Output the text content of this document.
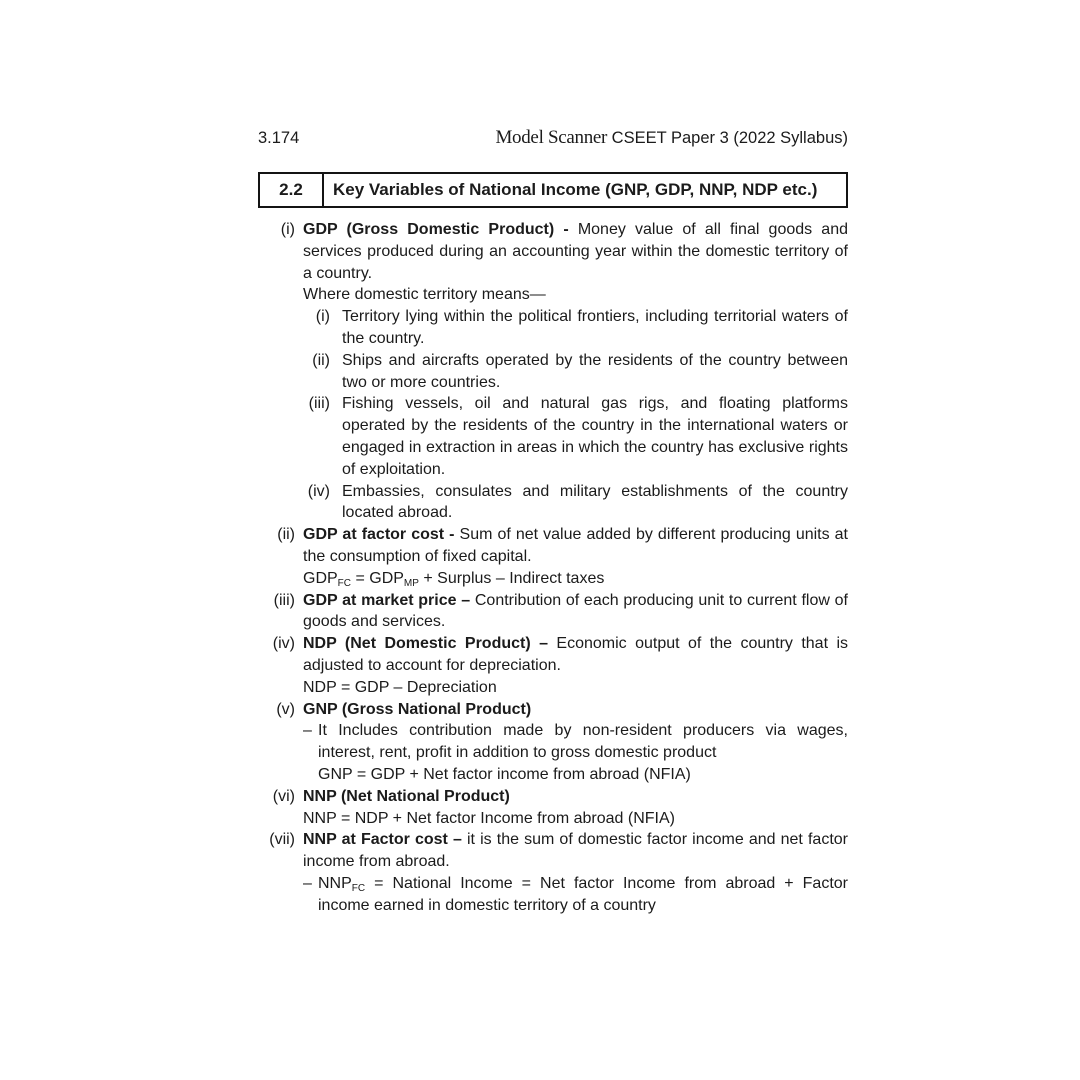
3.174	Model Scanner CSEET Paper 3 (2022 Syllabus)
2.2	Key Variables of National Income (GNP, GDP, NNP, NDP etc.)
(i) GDP (Gross Domestic Product) - Money value of all final goods and services produced during an accounting year within the domestic territory of a country.

Where domestic territory means—

(i) Territory lying within the political frontiers, including territorial waters of the country.

(ii) Ships and aircrafts operated by the residents of the country between two or more countries.

(iii) Fishing vessels, oil and natural gas rigs, and floating platforms operated by the residents of the country in the international waters or engaged in extraction in areas in which the country has exclusive rights of exploitation.

(iv) Embassies, consulates and military establishments of the country located abroad.

(ii) GDP at factor cost - Sum of net value added by different producing units at the consumption of fixed capital.

$GDP_{FC} = GDP_{MP}$ + Surplus – Indirect taxes

(iii) GDP at market price – Contribution of each producing unit to current flow of goods and services.

(iv) NDP (Net Domestic Product) – Economic output of the country that is adjusted to account for depreciation.

NDP = GDP – Depreciation

(v) GNP (Gross National Product)

– It Includes contribution made by non-resident producers via wages, interest, rent, profit in addition to gross domestic product

GNP = GDP + Net factor income from abroad (NFIA)

(vi) NNP (Net National Product)

NNP = NDP + Net factor Income from abroad (NFIA)

(vii) NNP at Factor cost – it is the sum of domestic factor income and net factor income from abroad.

– $NNP_{FC}$ = National Income = Net factor Income from abroad + Factor income earned in domestic territory of a country
